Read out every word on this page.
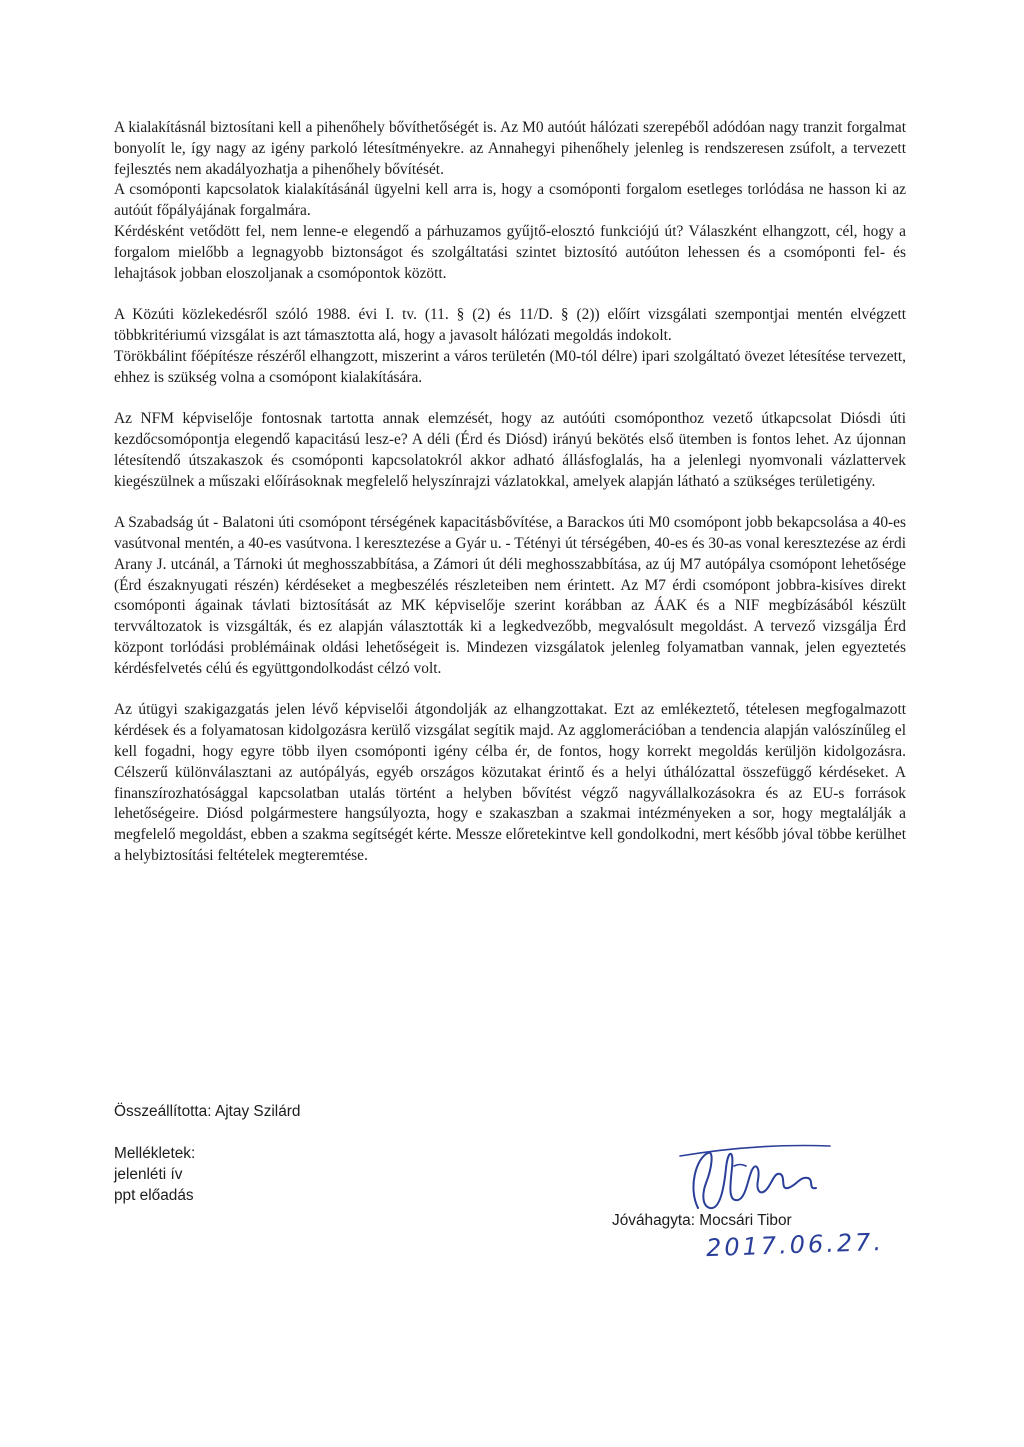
A kialakításnál biztosítani kell a pihenőhely bővíthetőségét is. Az M0 autóút hálózati szerepéből adódóan nagy tranzit forgalmat bonyolít le, így nagy az igény parkoló létesítményekre. az Annahegyi pihenőhely jelenleg is rendszeresen zsúfolt, a tervezett fejlesztés nem akadályozhatja a pihenőhely bővítését.

A csomóponti kapcsolatok kialakításánál ügyelni kell arra is, hogy a csomóponti forgalom esetleges torlódása ne hasson ki az autóút főpályájának forgalmára.

Kérdésként vetődött fel, nem lenne-e elegendő a párhuzamos gyűjtő-elosztó funkciójú út? Válaszként elhangzott, cél, hogy a forgalom mielőbb a legnagyobb biztonságot és szolgáltatási szintet biztosító autóúton lehessen és a csomóponti fel- és lehajtások jobban eloszoljanak a csomópontok között.

A Közúti közlekedésről szóló 1988. évi I. tv. (11. § (2) és 11/D. § (2)) előírt vizsgálati szempontjai mentén elvégzett többkritériumú vizsgálat is azt támasztotta alá, hogy a javasolt hálózati megoldás indokolt.

Törökbálint főépítésze részéről elhangzott, miszerint a város területén (M0-tól délre) ipari szolgáltató övezet létesítése tervezett, ehhez is szükség volna a csomópont kialakítására.

Az NFM képviselője fontosnak tartotta annak elemzését, hogy az autóúti csomóponthoz vezető útkapcsolat Diósdi úti kezdőcsomópontja elegendő kapacitású lesz-e? A déli (Érd és Diósd) irányú bekötés első ütemben is fontos lehet. Az újonnan létesítendő útszakaszok és csomóponti kapcsolatokról akkor adható állásfoglalás, ha a jelenlegi nyomvonali vázlattervek kiegészülnek a műszaki előírásoknak megfelelő helyszínrajzi vázlatokkal, amelyek alapján látható a szükséges területigény.

A Szabadság út - Balatoni úti csomópont térségének kapacitásbővítése, a Barackos úti M0 csomópont jobb bekapcsolása a 40-es vasútvonal mentén, a 40-es vasútvona. l keresztezése a Gyár u. - Tétényi út térségében, 40-es és 30-as vonal keresztezése az érdi Arany J. utcánál, a Tárnoki út meghosszabbítása, a Zámori út déli meghosszabbítása, az új M7 autópálya csomópont lehetősége (Érd északnyugati részén) kérdéseket a megbeszélés részleteiben nem érintett. Az M7 érdi csomópont jobbra-kisíves direkt csomóponti ágainak távlati biztosítását az MK képviselője szerint korábban az ÁAK és a NIF megbízásából készült tervváltozatok is vizsgálták, és ez alapján választották ki a legkedvezőbb, megvalósult megoldást. A tervező vizsgálja Érd központ torlódási problémáinak oldási lehetőségeit is. Mindezen vizsgálatok jelenleg folyamatban vannak, jelen egyeztetés kérdésfelvetés célú és együttgondolkodást célzó volt.

Az útügyi szakigazgatás jelen lévő képviselői átgondolják az elhangzottakat. Ezt az emlékeztető, tételesen megfogalmazott kérdések és a folyamatosan kidolgozásra kerülő vizsgálat segítik majd. Az agglomerációban a tendencia alapján valószínűleg el kell fogadni, hogy egyre több ilyen csomóponti igény célba ér, de fontos, hogy korrekt megoldás kerüljön kidolgozásra. Célszerű különválasztani az autópályás, egyéb országos közutakat érintő és a helyi úthálózattal összefüggő kérdéseket. A finanszírozhatósággal kapcsolatban utalás történt a helyben bővítést végző nagyvállalkozásokra és az EU-s források lehetőségeire. Diósd polgármestere hangsúlyozta, hogy e szakaszban a szakmai intézményeken a sor, hogy megtalálják a megfelelő megoldást, ebben a szakma segítségét kérte. Messze előretekintve kell gondolkodni, mert később jóval többe kerülhet a helybiztosítási feltételek megteremtése.

Összeállította: Ajtay Szilárd

Mellékletek:

jelenléti ív

ppt előadás

Jóváhagyta: Mocsári Tibor
2017.06.27.
